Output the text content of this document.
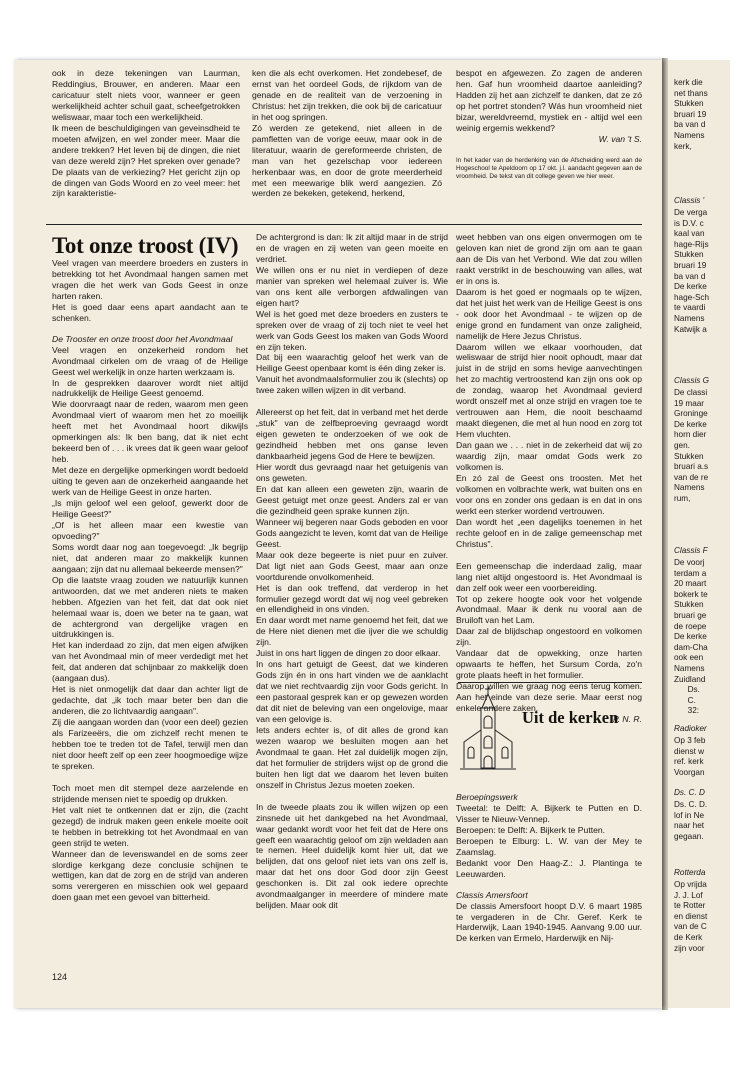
ook in deze tekeningen van Laurman, Reddingius, Brouwer, en anderen. Maar een caricatuur stelt niets voor, wanneer er geen werkelijkheid achter schuil gaat, scheefgetrokken weliswaar, maar toch een werkelijkheid.
Ik meen de beschuldigingen van geveinsdheid te moeten afwijzen, en wel zonder meer. Maar die andere trekken? Het leven bij de dingen, die niet van deze wereld zijn? Het spreken over genade? De plaats van de verkiezing? Het gericht zijn op de dingen van Gods Woord en zo veel meer: het zijn karakteristie-

ken die als echt overkomen. Het zondebesef, de ernst van het oordeel Gods, de rijkdom van de genade en de realiteit van de verzoening in Christus: het zijn trekken, die ook bij de caricatuur in het oog springen.
Zó werden ze getekend, niet alleen in de pamfletten van de vorige eeuw, maar ook in de literatuur, waarin de gereformeerde christen, de man van het gezelschap voor iedereen herkenbaar was, en door de grote meerderheid met een meewarige blik werd aangezien. Zó werden ze bekeken, getekend, herkend,

bespot en afgewezen. Zo zagen de anderen hen. Gaf hun vroomheid daartoe aanleiding? Hadden zij het aan zichzelf te danken, dat ze zó op het portret stonden? Wás hun vroomheid niet bizar, wereldvreemd, mystiek en - altijd wel een weinig ergernis wekkend?

W. van 't S.

In het kader van de herdenking van de Afscheiding werd aan de Hogeschool te Apeldoorn op 17 okt. j.l. aandacht gegeven aan de vroomheid. De tekst van dit college geven we hier weer.

Tot onze troost (IV)

Veel vragen van meerdere broeders en zusters in betrekking tot het Avondmaal hangen samen met vragen die het werk van Gods Geest in onze harten raken.
Het is goed daar eens apart aandacht aan te schenken.

De Trooster en onze troost door het Avondmaal

Veel vragen en onzekerheid rondom het Avondmaal cirkelen om de vraag of de Heilige Geest wel werkelijk in onze harten werkzaam is.
In de gesprekken daarover wordt niet altijd nadrukkelijk de Heilige Geest genoemd.
Wie doorvraagt naar de reden, waarom men geen Avondmaal viert of waarom men het zo moeilijk heeft met het Avondmaal hoort dikwijls opmerkingen als: Ik ben bang, dat ik niet echt bekeerd ben of . . . ik vrees dat ik geen waar geloof heb.
Met deze en dergelijke opmerkingen wordt bedoeld uiting te geven aan de onzekerheid aangaande het werk van de Heilige Geest in onze harten.
„Is mijn geloof wel een geloof, gewerkt door de Heilige Geest?"
„Of is het alleen maar een kwestie van opvoeding?"
Soms wordt daar nog aan toegevoegd: „Ik begrijp niet, dat anderen maar zo makkelijk kunnen aangaan; zijn dat nu allemaal bekeerde mensen?"
Op die laatste vraag zouden we natuurlijk kunnen antwoorden, dat we met anderen niets te maken hebben. Afgezien van het feit, dat dat ook niet helemaal waar is, doen we beter na te gaan, wat de achtergrond van dergelijke vragen en uitdrukkingen is.
Het kan inderdaad zo zijn, dat men eigen afwijken van het Avondmaal min of meer verdedigt met het feit, dat anderen dat schijnbaar zo makkelijk doen (aangaan dus).
Het is niet onmogelijk dat daar dan achter ligt de gedachte, dat „ik toch maar beter ben dan die anderen, die zo lichtvaardig aangaan".
Zij die aangaan worden dan (voor een deel) gezien als Farizeeërs, die om zichzelf recht menen te hebben toe te treden tot de Tafel, terwijl men dan niet door heeft zelf op een zeer hoogmoedige wijze te spreken.

Toch moet men dit stempel deze aarzelende en strijdende mensen niet te spoedig op drukken.
Het valt niet te ontkennen dat er zijn, die (zacht gezegd) de indruk maken geen enkele moeite ooit te hebben in betrekking tot het Avondmaal en van geen strijd te weten.
Wanneer dan de levenswandel en de soms zeer slordige kerkgang deze conclusie schijnen te wettigen, kan dat de zorg en de strijd van anderen soms verergeren en misschien ook wel gepaard doen gaan met een gevoel van bitterheid.

De achtergrond is dan: Ik zit altijd maar in de strijd en de vragen en zij weten van geen moeite en verdriet.
We willen ons er nu niet in verdiepen of deze manier van spreken wel helemaal zuiver is. Wie van ons kent alle verborgen afdwalingen van eigen hart?
Wel is het goed met deze broeders en zusters te spreken over de vraag of zij toch niet te veel het werk van Gods Geest los maken van Gods Woord en zijn teken.
Dat bij een waarachtig geloof het werk van de Heilige Geest openbaar komt is één ding zeker is.
Vanuit het avondmaalsformulier zou ik (slechts) op twee zaken willen wijzen in dit verband.

Allereerst op het feit, dat in verband met het derde „stuk" van de zelfbeproeving gevraagd wordt eigen geweten te onderzoeken of we ook de gezindheid hebben met ons ganse leven dankbaarheid jegens God de Here te bewijzen.
Hier wordt dus gevraagd naar het getuigenis van ons geweten.
En dat kan alleen een geweten zijn, waarin de Geest getuigt met onze geest. Anders zal er van die gezindheid geen sprake kunnen zijn.
Wanneer wij begeren naar Gods geboden en voor Gods aangezicht te leven, komt dat van de Heilige Geest.
Maar ook deze begeerte is niet puur en zuiver. Dat ligt niet aan Gods Geest, maar aan onze voortdurende onvolkomenheid.
Het is dan ook treffend, dat verderop in het formulier gezegd wordt dat wij nog veel gebreken en ellendigheid in ons vinden.
En daar wordt met name genoemd het feit, dat we de Here niet dienen met die ijver die we schuldig zijn.
Juist in ons hart liggen de dingen zo door elkaar.
In ons hart getuigt de Geest, dat we kinderen Gods zijn én in ons hart vinden we de aanklacht dat we niet rechtvaardig zijn voor Gods gericht. In een pastoraal gesprek kan er op gewezen worden dat dit niet de beleving van een ongelovige, maar van een gelovige is.
Iets anders echter is, of dit alles de grond kan wezen waarop we besluiten mogen aan het Avondmaal te gaan. Het zal duidelijk mogen zijn, dat het formulier de strijders wijst op de grond die buiten hen ligt dat we daarom het leven buiten onszelf in Christus Jezus moeten zoeken.

In de tweede plaats zou ik willen wijzen op een zinsnede uit het dankgebed na het Avondmaal, waar gedankt wordt voor het feit dat de Here ons geeft een waarachtig geloof om zijn weldaden aan te nemen. Heel duidelijk komt hier uit, dat we belijden, dat ons geloof niet iets van ons zelf is, maar dat het ons door God door zijn Geest geschonken is. Dit zal ook iedere oprechte avondmaalganger in meerdere of mindere mate belijden. Maar ook dit

weet hebben van ons eigen onvermogen om te geloven kan niet de grond zijn om aan te gaan aan de Dis van het Verbond. Wie dat zou willen raakt verstrikt in de beschouwing van alles, wat er in ons is.
Daarom is het goed er nogmaals op te wijzen, dat het juist het werk van de Heilige Geest is ons - ook door het Avondmaal - te wijzen op de enige grond en fundament van onze zaligheid, namelijk de Here Jezus Christus.
Daarom willen we elkaar voorhouden, dat weliswaar de strijd hier nooit ophoudt, maar dat juist in de strijd en soms hevige aanvechtingen het zo machtig vertroostend kan zijn ons ook op de zondag, waarop het Avondmaal gevierd wordt onszelf met al onze strijd en vragen toe te vertrouwen aan Hem, die nooit beschaamd maakt diegenen, die met al hun nood en zorg tot Hem vluchten.
Dan gaan we . . . niet in de zekerheid dat wij zo waardig zijn, maar omdat Gods werk zo volkomen is.
En zó zal de Geest ons troosten. Met het volkomen en volbrachte werk, wat buiten ons en voor ons en zonder ons gedaan is en dat in ons werkt een sterker wordend vertrouwen.
Dan wordt het „een dagelijks toenemen in het rechte geloof en in de zalige gemeenschap met Christus".

Een gemeenschap die inderdaad zalig, maar lang niet altijd ongestoord is. Het Avondmaal is dan zelf ook weer een voorbereiding.
Tot op zekere hoogte ook voor het volgende Avondmaal. Maar ik denk nu vooral aan de Bruiloft van het Lam.
Daar zal de blijdschap ongestoord en volkomen zijn.
Vandaar dat de opwekking, onze harten opwaarts te heffen, het Sursum Corda, zo'n grote plaats heeft in het formulier.
Daarop willen we graag nog eens terug komen. Aan het einde van deze serie. Maar eerst nog enkele andere zaken.

P. N. R.

Uit de kerken

Beroepingswerk

Tweetal: te Delft: A. Bijkerk te Putten en D. Visser te Nieuw-Vennep.
Beroepen: te Delft: A. Bijkerk te Putten.
Beroepen te Elburg: L. W. van der Mey te Zaamslag.
Bedankt voor Den Haag-Z.: J. Plantinga te Leeuwarden.

Classis Amersfoort

De classis Amersfoort hoopt D.V. 6 maart 1985 te vergaderen in de Chr. Geref. Kerk te Harderwijk, Laan 1940-1945. Aanvang 9.00 uur. De kerken van Ermelo, Harderwijk en Nij-

124
kerk die
net thans
Stukken
bruari 19
ba van d
Namens
kerk,
Classis '
De verga
is D.V. c
kaal van
hage-Rijs
Stukken
bruari 19
ba van d
De kerke
hage-Sch
te vaardi
Namens
Katwijk a
Classis G
De classi
19 maar
Groninge
De kerke
horn dier
gen.
Stukken
bruari a.s
van de re
Namens
rum,
Classis F
De voorj
terdam a
20 maart
bokerk te
Stukken
bruari ge
de roepe
De kerke
dam-Cha
ook een
Namens
Zuidland
Ds.
C.
32:
Radioker
Op 3 feb
dienst w
ref. kerk
Voorgan
Ds. C. D
Ds. C. D.
lof in Ne
naar het
gegaan.
Rotterda
Op vrijda
J. J. Lof
te Rotter
en dienst
van de C
de Kerk
zijn voor
